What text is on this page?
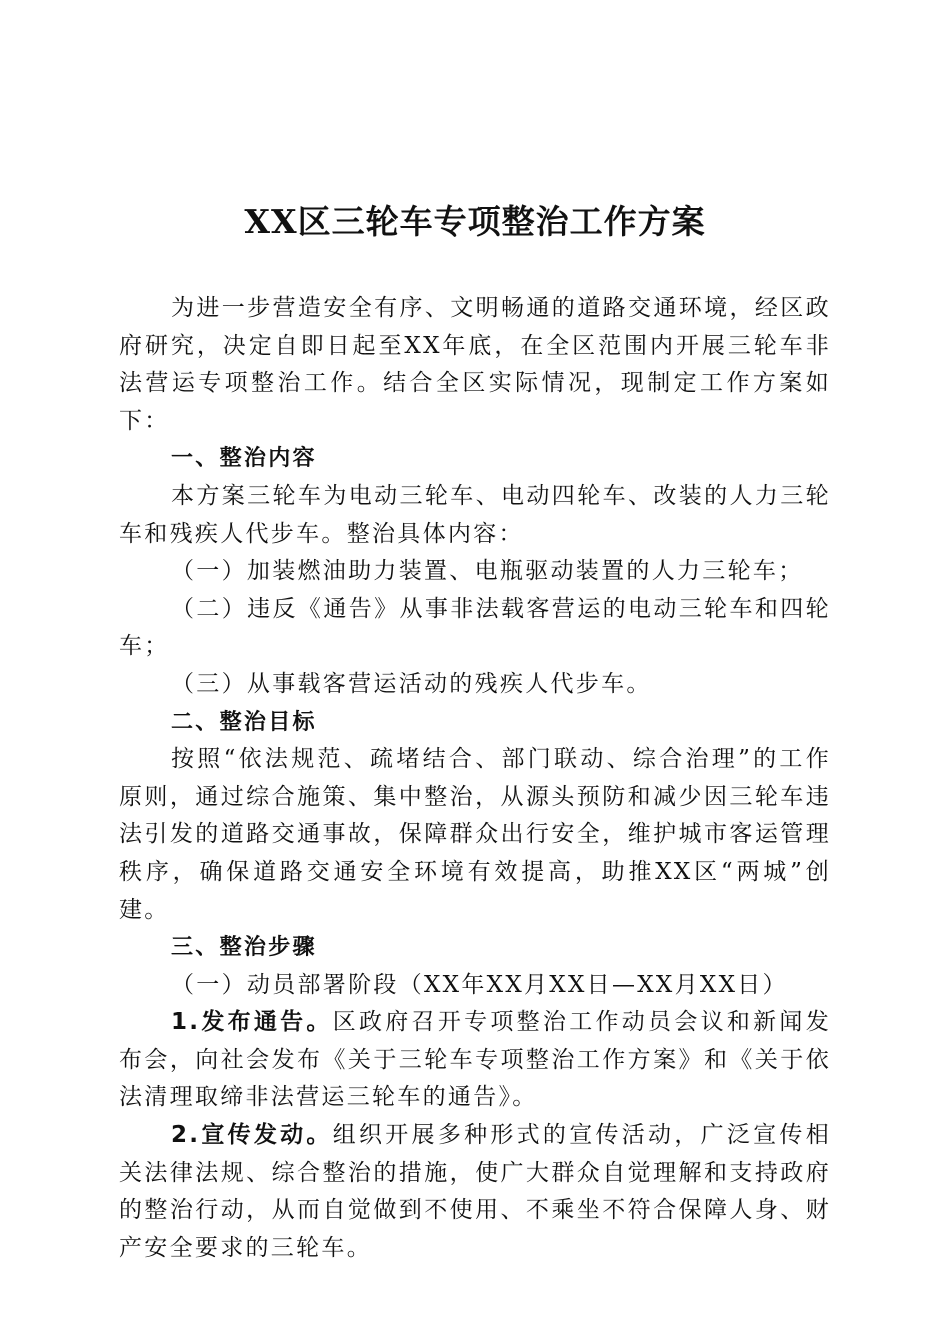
XX区三轮车专项整治工作方案

为进一步营造安全有序、文明畅通的道路交通环境，经区政府研究，决定自即日起至XX年底，在全区范围内开展三轮车非法营运专项整治工作。结合全区实际情况，现制定工作方案如下：

一、整治内容

本方案三轮车为电动三轮车、电动四轮车、改装的人力三轮车和残疾人代步车。整治具体内容：

（一）加装燃油助力装置、电瓶驱动装置的人力三轮车；

（二）违反《通告》从事非法载客营运的电动三轮车和四轮车；

（三）从事载客营运活动的残疾人代步车。

二、整治目标

按照“依法规范、疏堵结合、部门联动、综合治理”的工作原则，通过综合施策、集中整治，从源头预防和减少因三轮车违法引发的道路交通事故，保障群众出行安全，维护城市客运管理秩序，确保道路交通安全环境有效提高，助推XX区“两城”创建。

三、整治步骤

（一）动员部署阶段（XX年XX月XX日—XX月XX日）

1.发布通告。区政府召开专项整治工作动员会议和新闻发布会，向社会发布《关于三轮车专项整治工作方案》和《关于依法清理取缔非法营运三轮车的通告》。

2.宣传发动。组织开展多种形式的宣传活动，广泛宣传相关法律法规、综合整治的措施，使广大群众自觉理解和支持政府的整治行动，从而自觉做到不使用、不乘坐不符合保障人身、财产安全要求的三轮车。
